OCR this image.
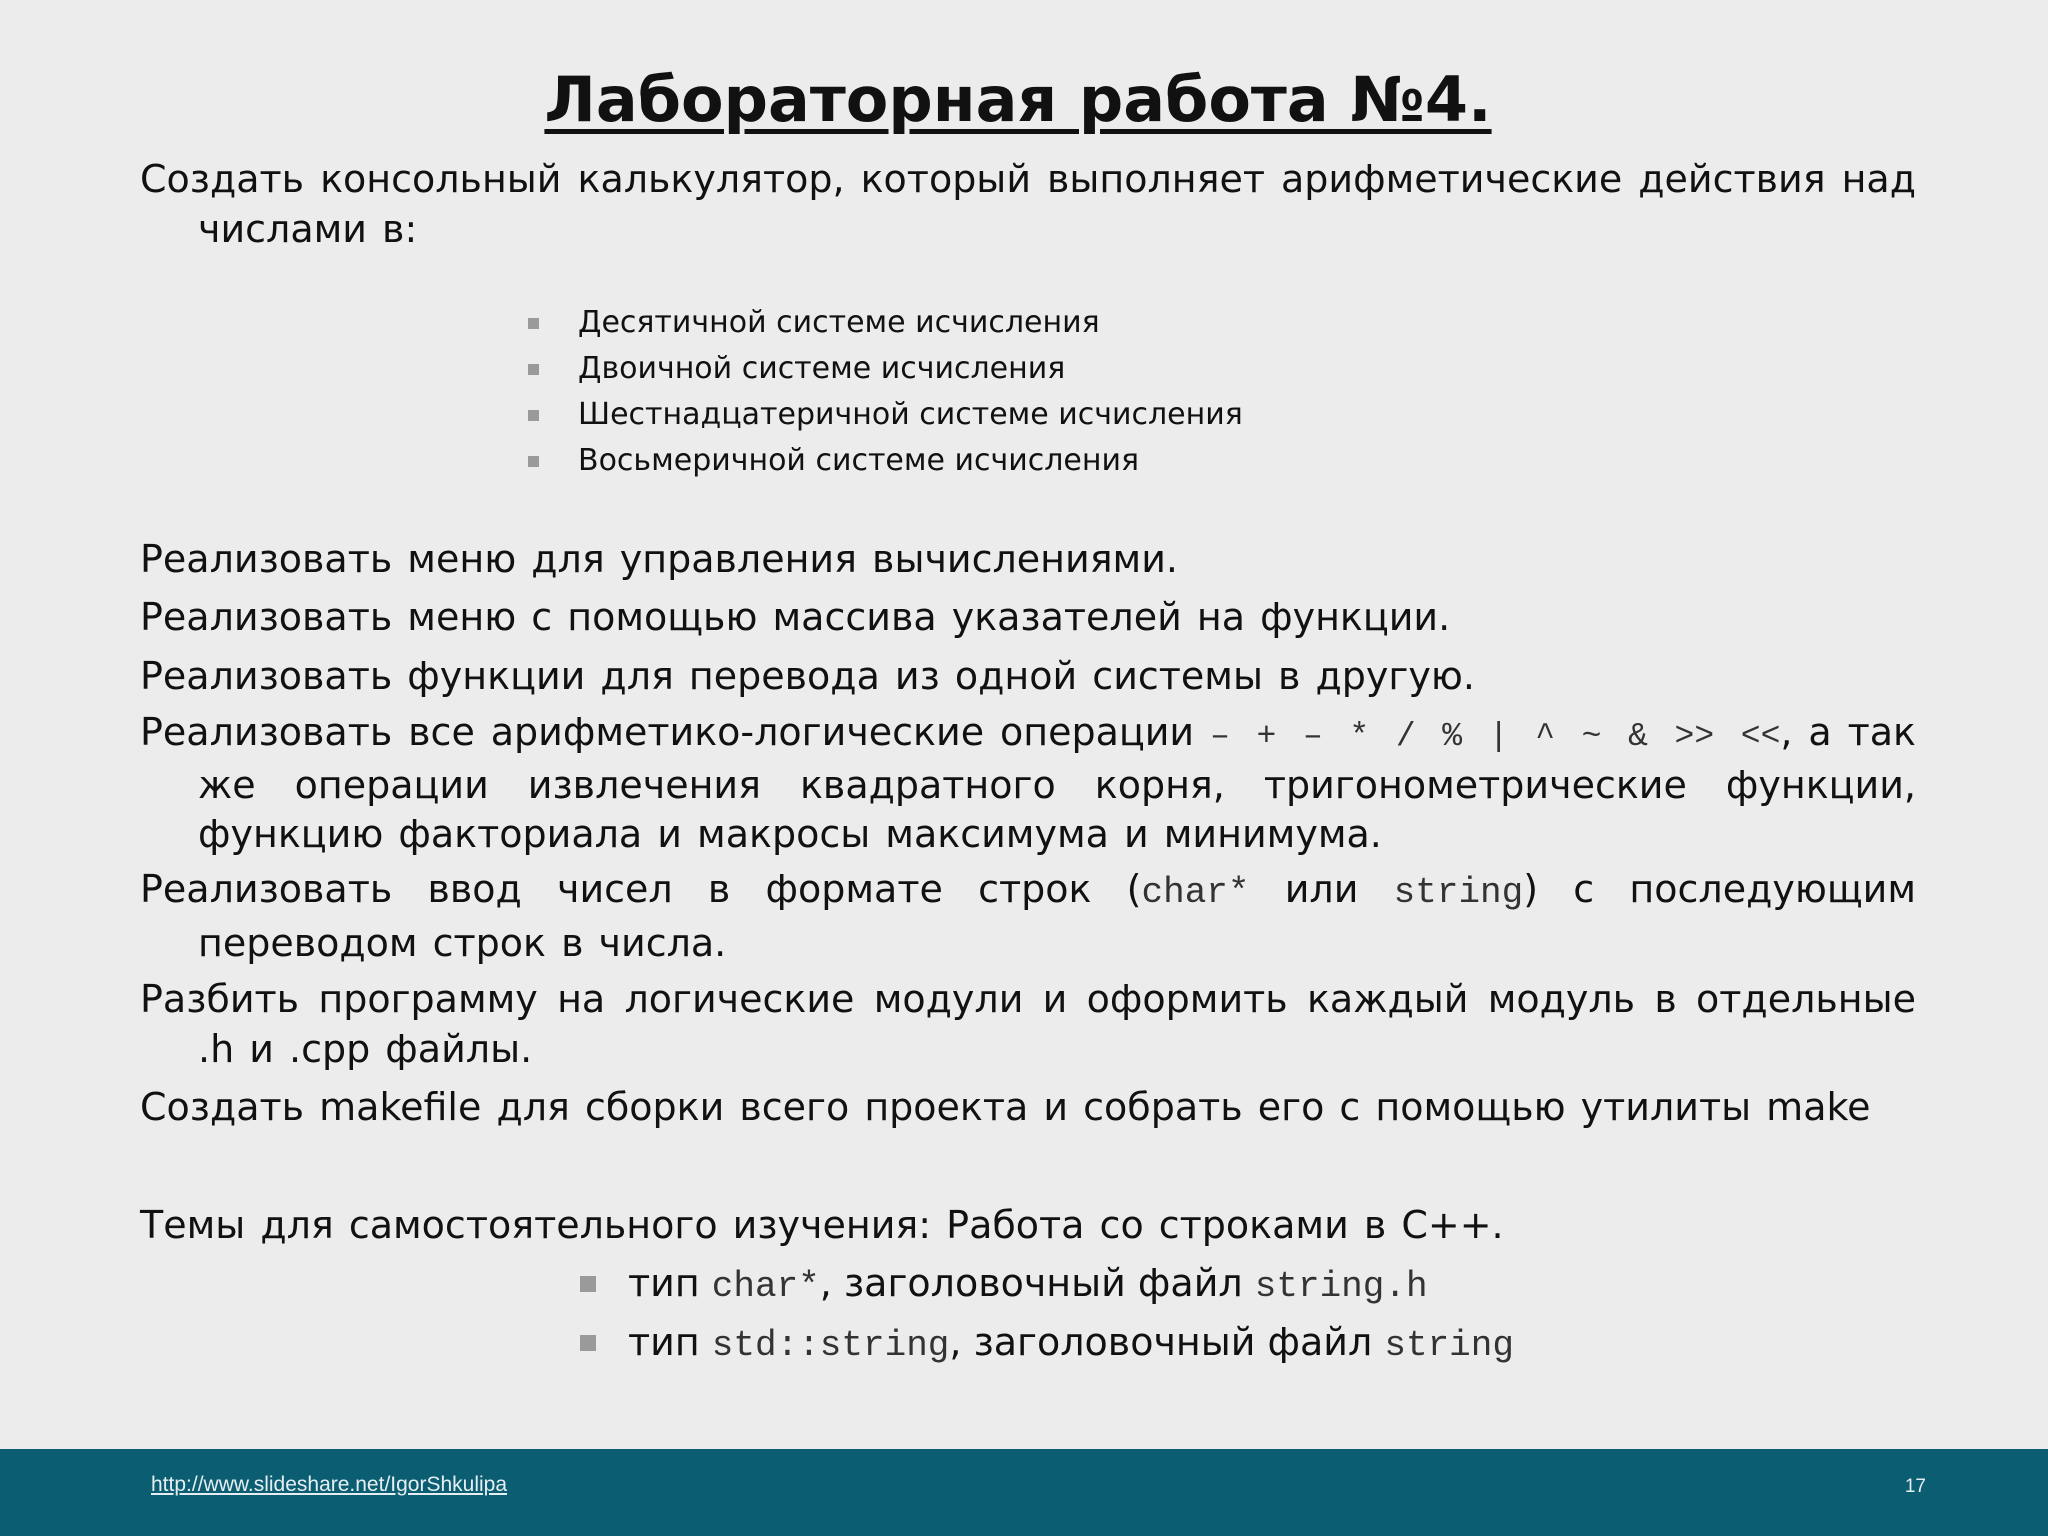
Лабораторная работа №4.
Создать консольный калькулятор, который выполняет арифметические действия над числами в:
Десятичной системе исчисления
Двоичной системе исчисления
Шестнадцатеричной системе исчисления
Восьмеричной системе исчисления
Реализовать меню для управления вычислениями.
Реализовать меню с помощью массива указателей на функции.
Реализовать функции для перевода из одной системы в другую.
Реализовать все арифметико-логические операции – + – * / % | ^ ~ & >> <<, а так же операции извлечения квадратного корня, тригонометрические функции, функцию факториала и макросы максимума и минимума.
Реализовать ввод чисел в формате строк (char* или string) с последующим переводом строк в числа.
Разбить программу на логические модули и оформить каждый модуль в отдельные .h и .cpp файлы.
Создать makefile для сборки всего проекта и собрать его с помощью утилиты make
Темы для самостоятельного изучения: Работа со строками в С++.
тип char*, заголовочный файл string.h
тип std::string, заголовочный файл string
http://www.slideshare.net/IgorShkulipa	17
